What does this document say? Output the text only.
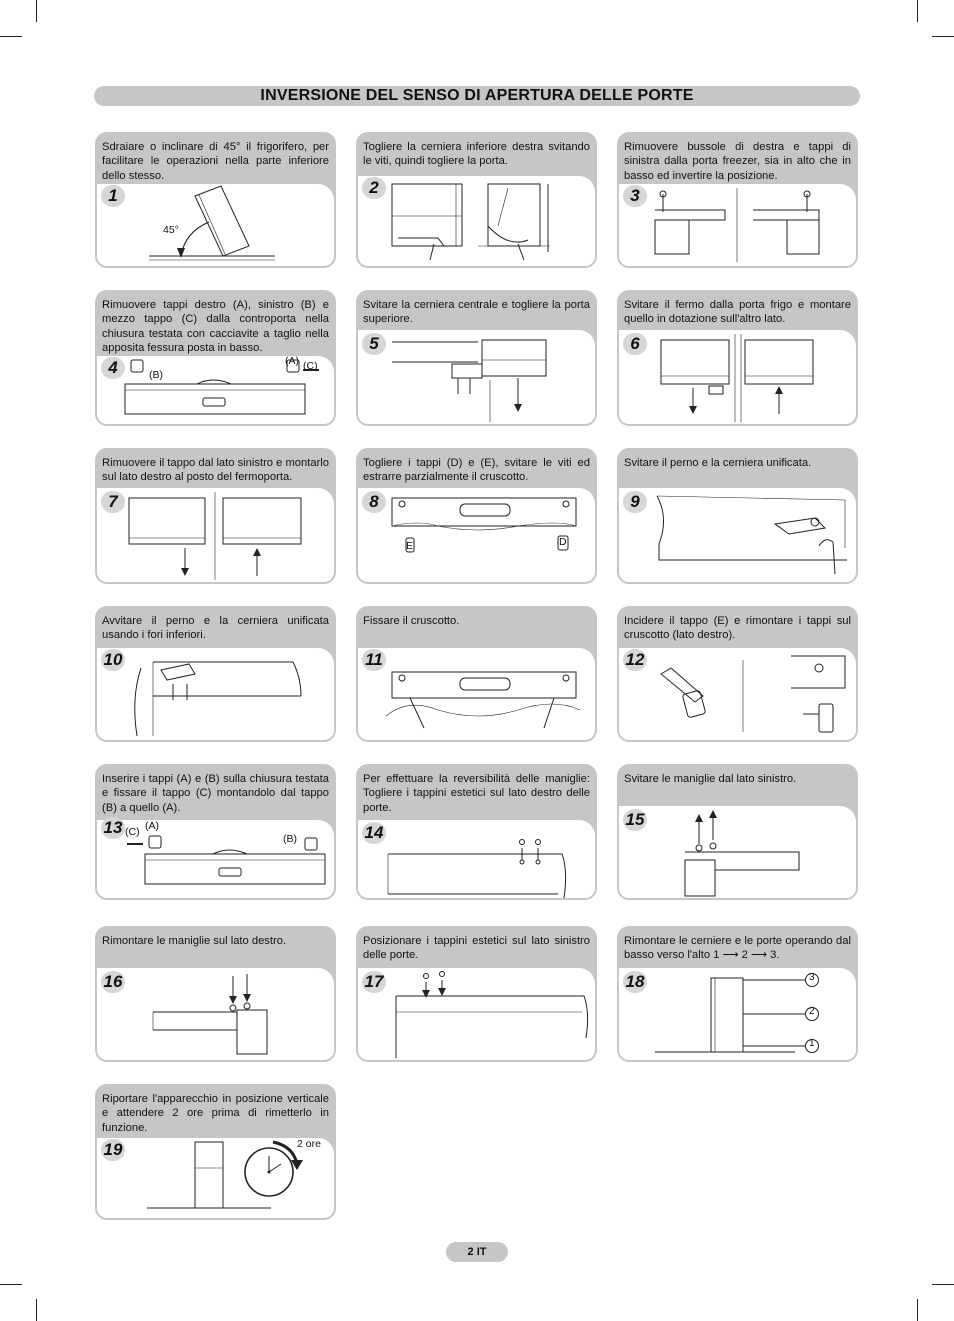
INVERSIONE DEL SENSO DI APERTURA DELLE PORTE
Sdraiare o inclinare di 45° il frigorifero, per facilitare le operazioni nella parte inferiore dello stesso.
45°
1
Togliere la cerniera inferiore destra svitando le viti, quindi togliere la porta.
2
Rimuovere bussole di destra e tappi di sinistra dalla porta freezer, sia in alto che in basso ed invertire la posizione.
3
Rimuovere tappi destro (A), sinistro (B) e mezzo tappo (C) dalla controporta nella chiusura testata con cacciavite a taglio nella apposita fessura posta in basso.
(B)
(A) (C)
4
Svitare la cerniera centrale e togliere la porta superiore.
5
Svitare il fermo dalla porta frigo e montare quello in dotazione sull'altro lato.
6
Rimuovere il tappo dal lato sinistro e montarlo sul lato destro al posto del fermoporta.
7
Togliere i tappi (D) e (E), svitare le viti ed estrarre parzialmente il cruscotto.
E	D
8
Svitare il perno e la cerniera unificata.
9
Avvitare il perno e la cerniera unificata usando i fori inferiori.
10
Fissare il cruscotto.
11
Incidere il tappo (E) e rimontare i tappi sul cruscotto (lato destro).
12
Inserire i tappi (A) e (B) sulla chiusura testata e fissare il tappo (C) montandolo dal tappo (B) a quello (A).
(C) (A)
(B)
13
Per effettuare la reversibilità delle maniglie: Togliere i tappini estetici sul lato destro delle porte.
14
Svitare le maniglie dal lato sinistro.
15
Rimontare le maniglie sul lato destro.
16
Posizionare i tappini estetici sul lato sinistro delle porte.
17
Rimontare le cerniere e le porte operando dal basso verso l'alto 1 ⟶ 2 ⟶ 3.
3
2
1
18
Riportare l'apparecchio in posizione verticale e attendere 2 ore prima di rimetterlo in funzione.
2 ore
19
2 IT
